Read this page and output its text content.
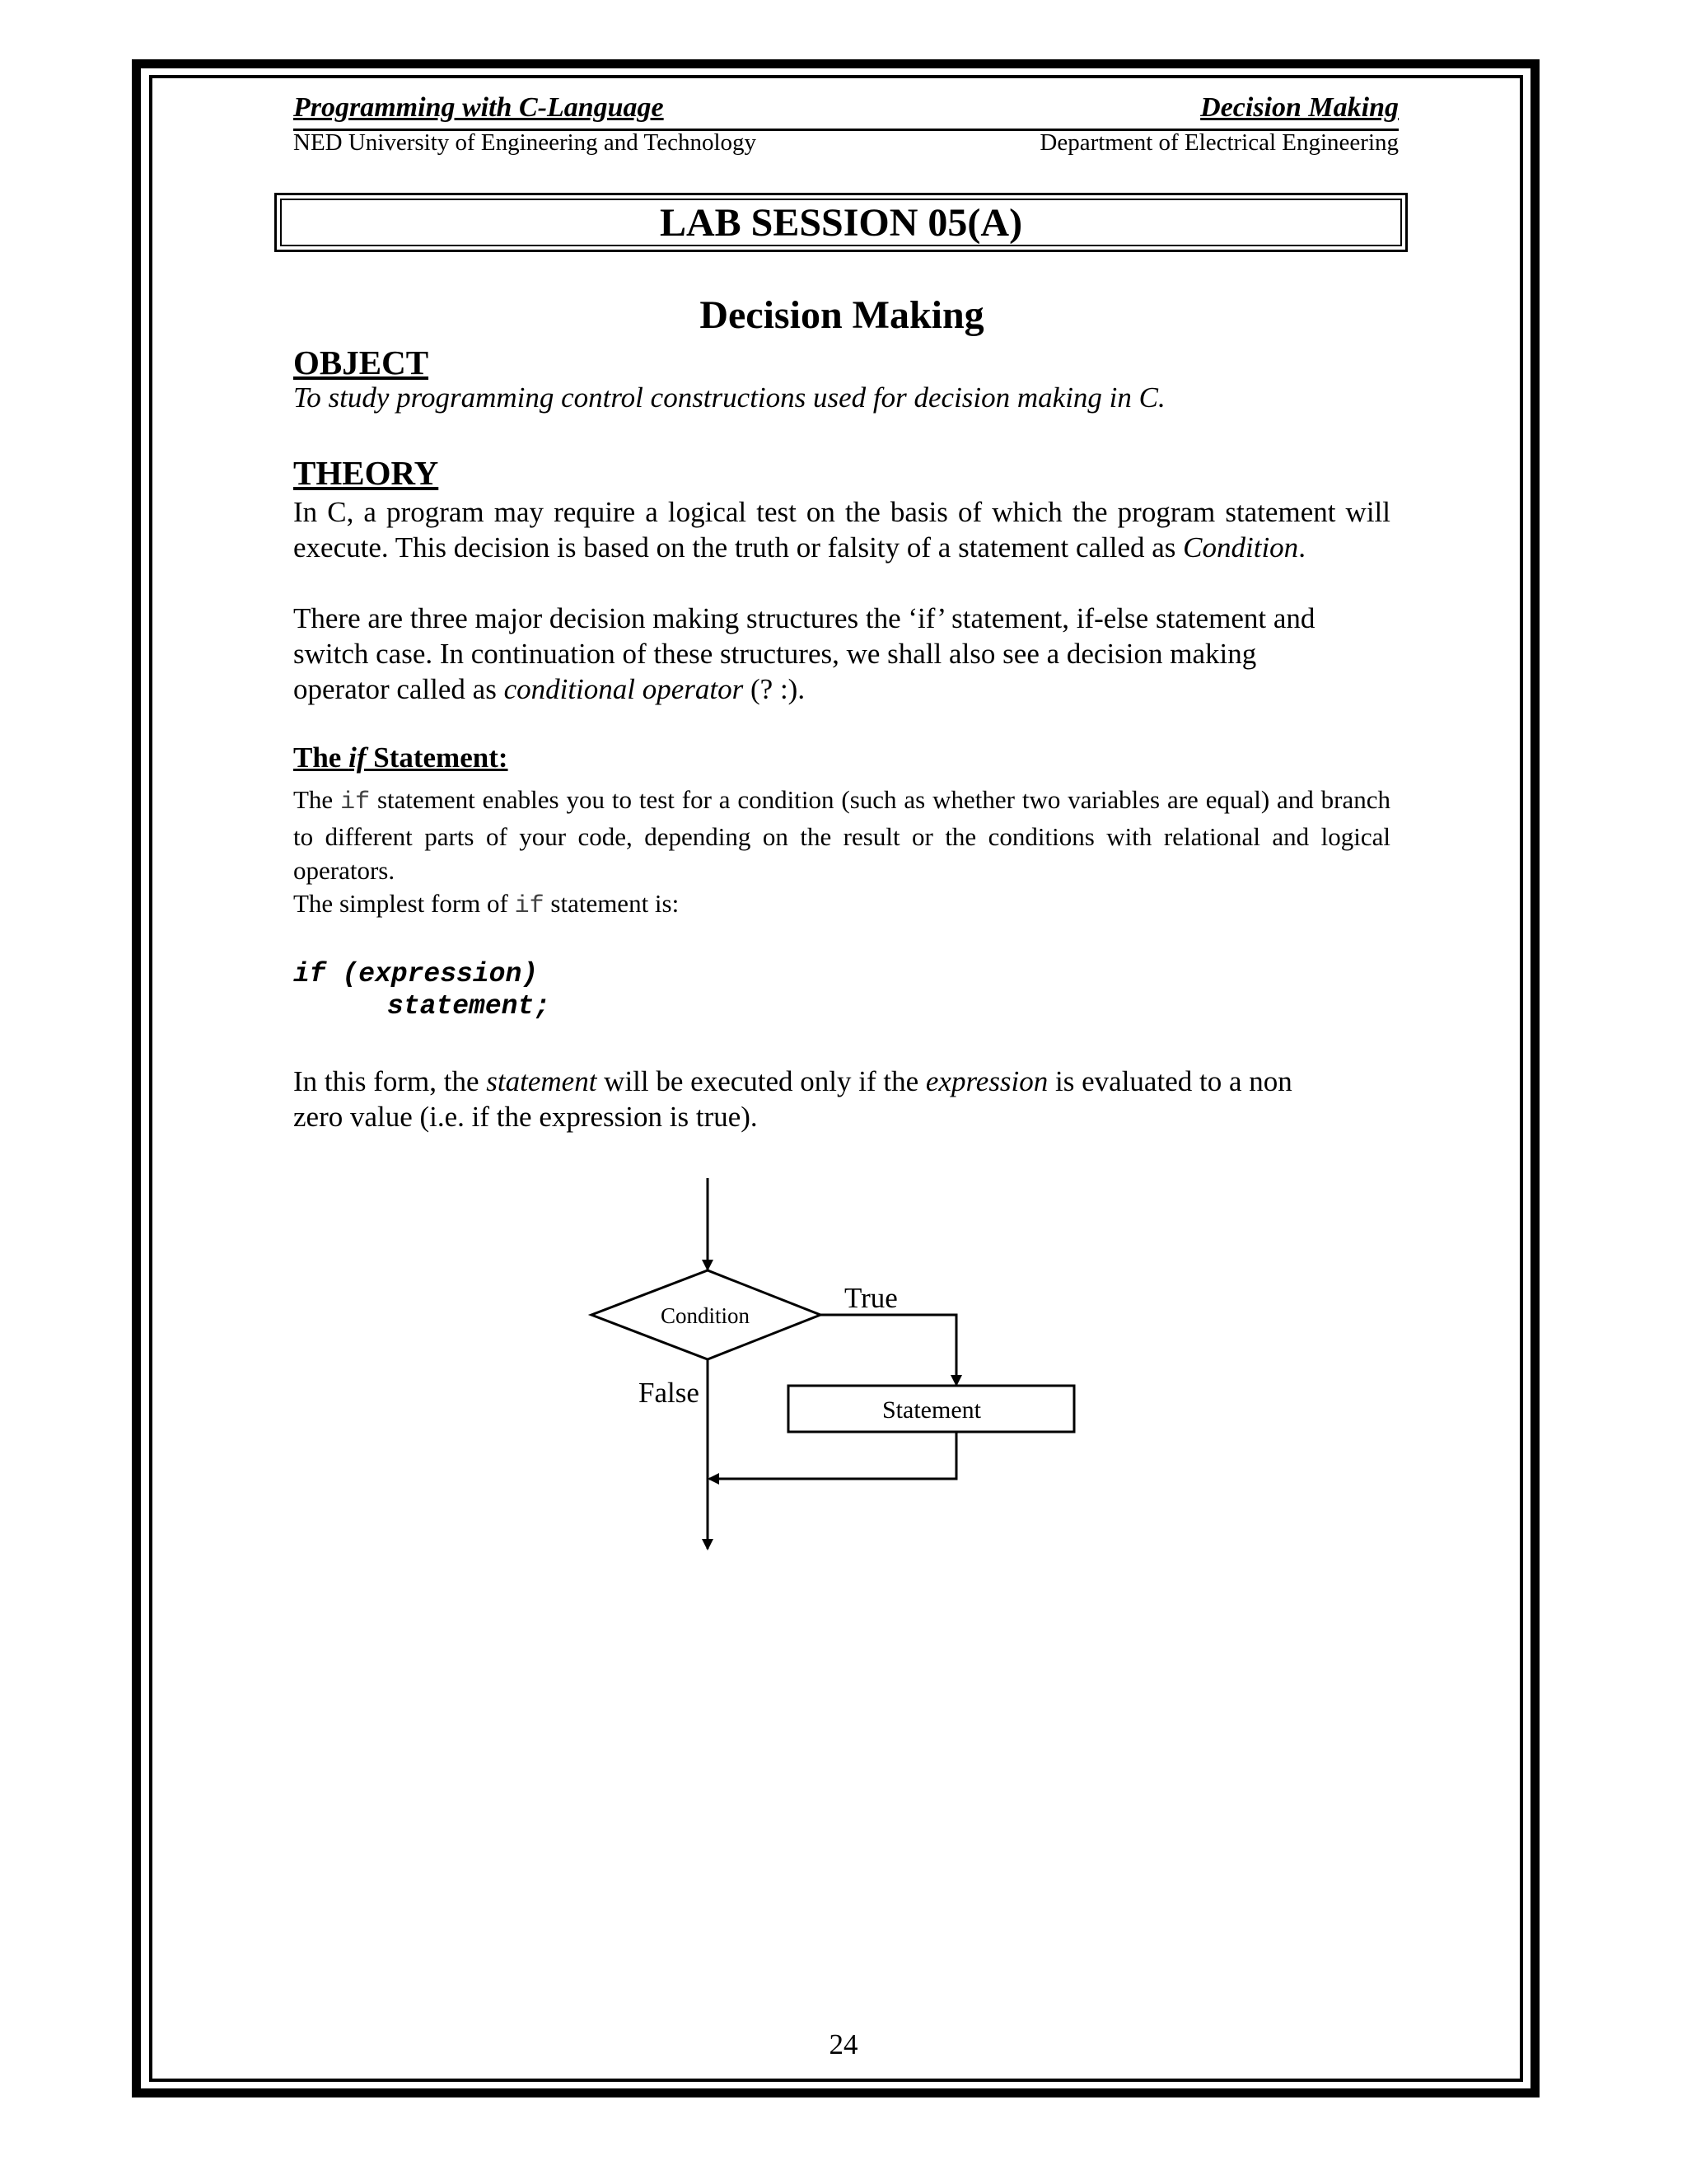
Programming with C-Language	Decision Making
NED University of Engineering and Technology	Department of Electrical Engineering
LAB SESSION 05(A)
Decision Making
OBJECT
To study programming control constructions used for decision making in C.
THEORY
In C, a program may require a logical test on the basis of which the program statement will execute. This decision is based on the truth or falsity of a statement called as Condition.
There are three major decision making structures the ‘if’ statement, if-else statement and
switch case. In continuation of these structures, we shall also see a decision making
operator called as conditional operator (? :).
The if Statement:
The if statement enables you to test for a condition (such as whether two variables are equal) and branch to different parts of your code, depending on the result or the conditions with relational and logical operators.
The simplest form of if statement is:
if (expression)
statement;
In this form, the statement will be executed only if the expression is evaluated to a non
zero value (i.e. if the expression is true).
Condition
True
Statement
False
24
